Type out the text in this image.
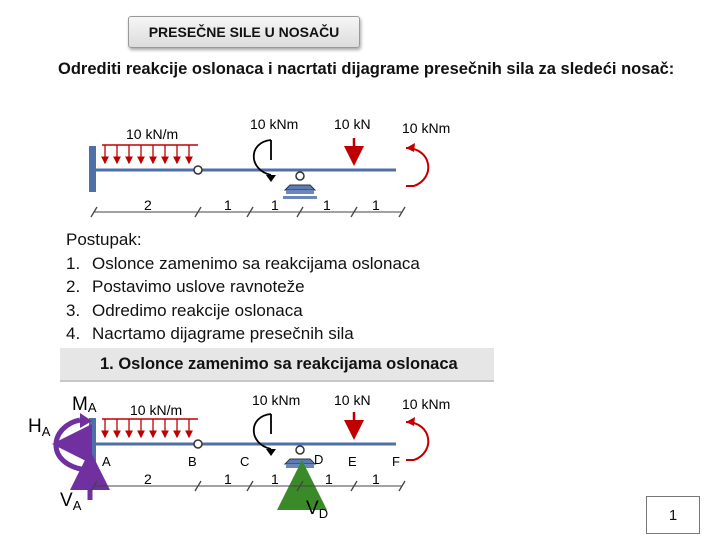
PRESEČNE SILE U NOSAČU
Odrediti reakcije oslonaca i nacrtati dijagrame presečnih sila za sledeći nosač:
10 kN/m
10 kNm	10 kN 10 kNm
2	1	1	1	1
10 kN/m
10 kNm
$V_D$
10 kN 10 kNm
MA
$H_A$
$V_A$
A	B	C	D E	F
2	1	1	1	1
Postupak:
1. Oslonce zamenimo sa reakcijama oslonaca
2. Postavimo uslove ravnoteže
3. Odredimo reakcije oslonaca
4. Nacrtamo dijagrame presečnih sila
1. Oslonce zamenimo sa reakcijama oslonaca
1
